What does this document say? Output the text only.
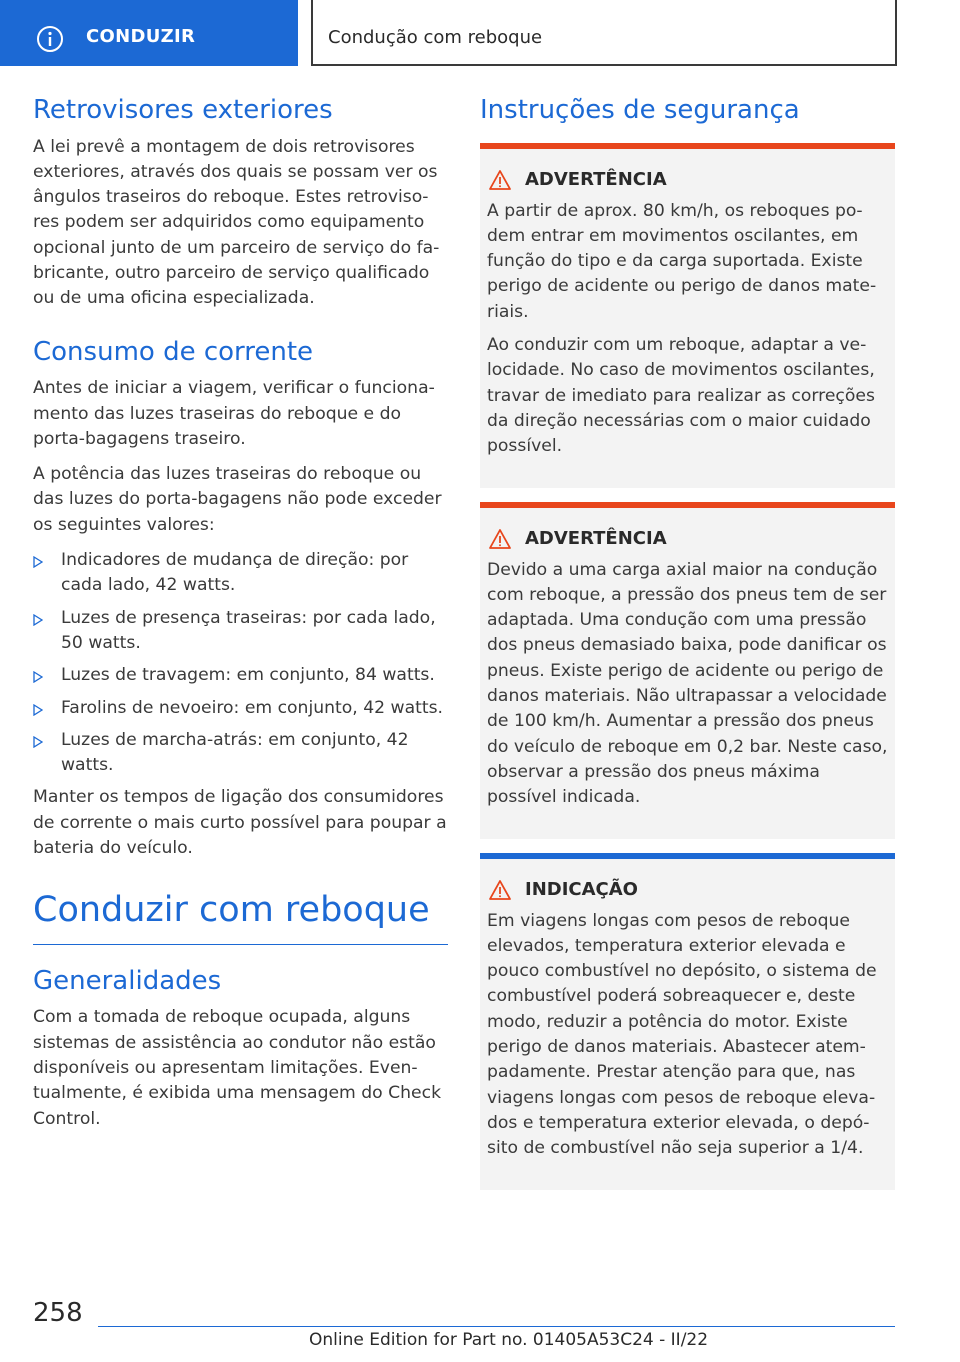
CONDUZIR	Condução com reboque
Retrovisores exteriores

A lei prevê a montagem de dois retrovisores exteriores, através dos quais se possam ver os ângulos traseiros do reboque. Estes retrovisores podem ser adquiridos como equipamento opcional junto de um parceiro de serviço do fabricante, outro parceiro de serviço qualificado ou de uma oficina especializada.

Consumo de corrente

Antes de iniciar a viagem, verificar o funcionamento das luzes traseiras do reboque e do porta-bagagens traseiro.

A potência das luzes traseiras do reboque ou das luzes do porta-bagagens não pode exceder os seguintes valores:

Indicadores de mudança de direção: por cada lado, 42 watts.
Luzes de presença traseiras: por cada lado, 50 watts.
Luzes de travagem: em conjunto, 84 watts.
Farolins de nevoeiro: em conjunto, 42 watts.
Luzes de marcha-atrás: em conjunto, 42 watts.

Manter os tempos de ligação dos consumidores de corrente o mais curto possível para poupar a bateria do veículo.

Conduzir com reboque
Generalidades

Com a tomada de reboque ocupada, alguns sistemas de assistência ao condutor não estão disponíveis ou apresentam limitações. Eventualmente, é exibida uma mensagem do Check Control.

Instruções de segurança
ADVERTÊNCIA

A partir de aprox. 80 km/h, os reboques podem entrar em movimentos oscilantes, em função do tipo e da carga suportada. Existe perigo de acidente ou perigo de danos materiais.

Ao conduzir com um reboque, adaptar a velocidade. No caso de movimentos oscilantes, travar de imediato para realizar as correções da direção necessárias com o maior cuidado possível.

ADVERTÊNCIA

Devido a uma carga axial maior na condução com reboque, a pressão dos pneus tem de ser adaptada. Uma condução com uma pressão dos pneus demasiado baixa, pode danificar os pneus. Existe perigo de acidente ou perigo de danos materiais. Não ultrapassar a velocidade de 100 km/h. Aumentar a pressão dos pneus do veículo de reboque em 0,2 bar. Neste caso, observar a pressão dos pneus máxima possível indicada.

INDICAÇÃO

Em viagens longas com pesos de reboque elevados, temperatura exterior elevada e pouco combustível no depósito, o sistema de combustível poderá sobreaquecer e, deste modo, reduzir a potência do motor. Existe perigo de danos materiais. Abastecer atempadamente. Prestar atenção para que, nas viagens longas com pesos de reboque elevados e temperatura exterior elevada, o depósito de combustível não seja superior a 1/4.

258
Online Edition for Part no. 01405A53C24 - II/22
